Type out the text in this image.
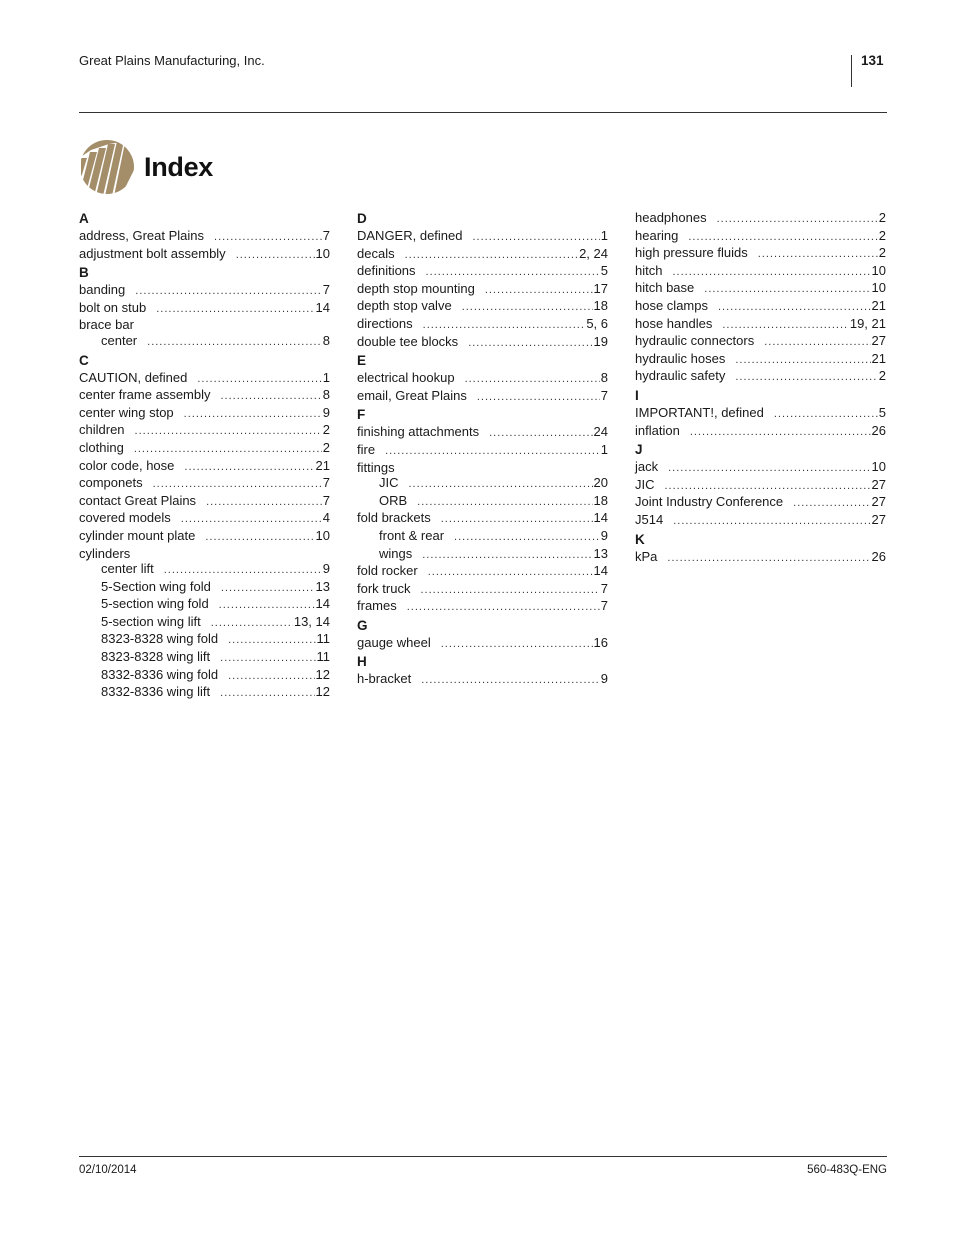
Great Plains Manufacturing, Inc.	131
Index
A
address, Great Plains .....	7
adjustment bolt assembly .....	10
B
banding .....	7
bolt on stub .....	14
brace bar
center .....	8
C
CAUTION, defined .....	1
center frame assembly .....	8
center wing stop .....	9
children .....	2
clothing .....	2
color code, hose .....	21
componets .....	7
contact Great Plains .....	7
covered models .....	4
cylinder mount plate .....	10
cylinders
center lift .....	9
5-Section wing fold .....	13
5-section wing fold .....	14
5-section wing lift .....	13, 14
8323-8328 wing fold .....	11
8323-8328 wing lift .....	11
8332-8336 wing fold .....	12
8332-8336 wing lift .....	12
D
DANGER, defined .....	1
decals .....	2, 24
definitions .....	5
depth stop mounting .....	17
depth stop valve .....	18
directions .....	5, 6
double tee blocks .....	19
E
electrical hookup .....	8
email, Great Plains .....	7
F
finishing attachments .....	24
fire .....	1
fittings
JIC .....	20
ORB .....	18
fold brackets .....	14
front & rear .....	9
wings .....	13
fold rocker .....	14
fork truck .....	7
frames .....	7
G
gauge wheel .....	16
H
h-bracket .....	9
headphones .....	2
hearing .....	2
high pressure fluids .....	2
hitch .....	10
hitch base .....	10
hose clamps .....	21
hose handles .....	19, 21
hydraulic connectors .....	27
hydraulic hoses .....	21
hydraulic safety .....	2
I
IMPORTANT!, defined .....	5
inflation .....	26
J
jack .....	10
JIC .....	27
Joint Industry Conference .....	27
J514 .....	27
K
kPa .....	26
02/10/2014	560-483Q-ENG
